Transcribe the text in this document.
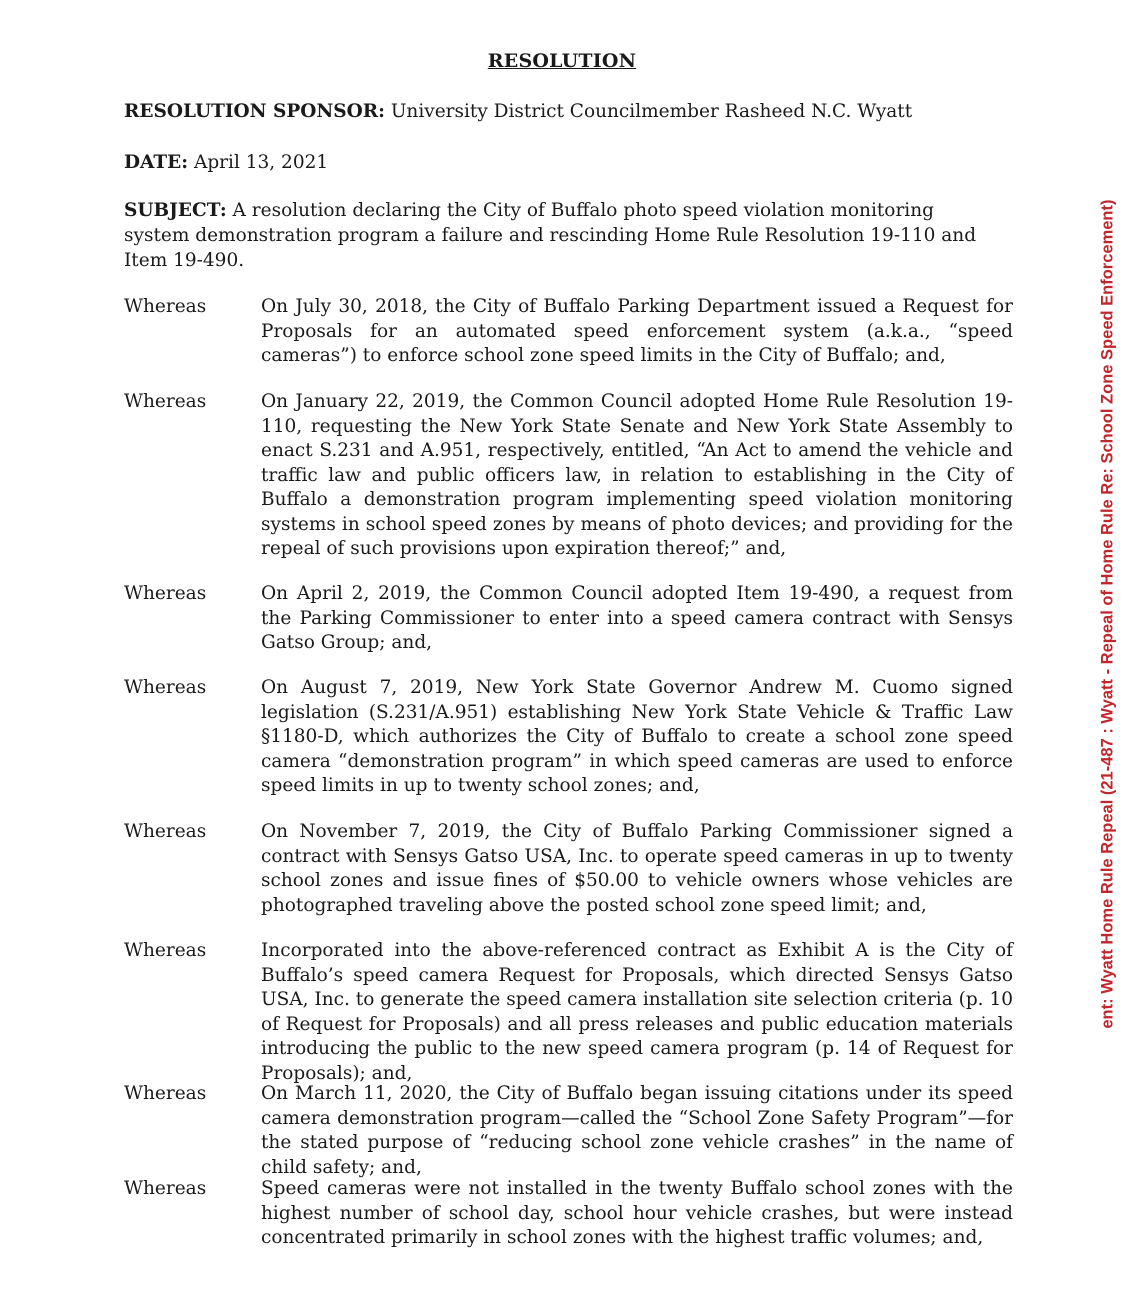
RESOLUTION
RESOLUTION SPONSOR: University District Councilmember Rasheed N.C. Wyatt
DATE: April 13, 2021
SUBJECT: A resolution declaring the City of Buffalo photo speed violation monitoring system demonstration program a failure and rescinding Home Rule Resolution 19-110 and Item 19-490.
Whereas	On July 30, 2018, the City of Buffalo Parking Department issued a Request for Proposals for an automated speed enforcement system (a.k.a., “speed cameras”) to enforce school zone speed limits in the City of Buffalo; and,
Whereas	On January 22, 2019, the Common Council adopted Home Rule Resolution 19-110, requesting the New York State Senate and New York State Assembly to enact S.231 and A.951, respectively, entitled, “An Act to amend the vehicle and traffic law and public officers law, in relation to establishing in the City of Buffalo a demonstration program implementing speed violation monitoring systems in school speed zones by means of photo devices; and providing for the repeal of such provisions upon expiration thereof;” and,
Whereas	On April 2, 2019, the Common Council adopted Item 19-490, a request from the Parking Commissioner to enter into a speed camera contract with Sensys Gatso Group; and,
Whereas	On August 7, 2019, New York State Governor Andrew M. Cuomo signed legislation (S.231/A.951) establishing New York State Vehicle & Traffic Law §1180-D, which authorizes the City of Buffalo to create a school zone speed camera “demonstration program” in which speed cameras are used to enforce speed limits in up to twenty school zones; and,
Whereas	On November 7, 2019, the City of Buffalo Parking Commissioner signed a contract with Sensys Gatso USA, Inc. to operate speed cameras in up to twenty school zones and issue fines of $50.00 to vehicle owners whose vehicles are photographed traveling above the posted school zone speed limit; and,
Whereas	Incorporated into the above-referenced contract as Exhibit A is the City of Buffalo’s speed camera Request for Proposals, which directed Sensys Gatso USA, Inc. to generate the speed camera installation site selection criteria (p. 10 of Request for Proposals) and all press releases and public education materials introducing the public to the new speed camera program (p. 14 of Request for Proposals); and,
Whereas	On March 11, 2020, the City of Buffalo began issuing citations under its speed camera demonstration program—called the “School Zone Safety Program”—for the stated purpose of “reducing school zone vehicle crashes” in the name of child safety; and,
Whereas	Speed cameras were not installed in the twenty Buffalo school zones with the highest number of school day, school hour vehicle crashes, but were instead concentrated primarily in school zones with the highest traffic volumes; and,
ent: Wyatt Home Rule Repeal (21-487 : Wyatt - Repeal of Home Rule Re: School Zone Speed Enforcement)
